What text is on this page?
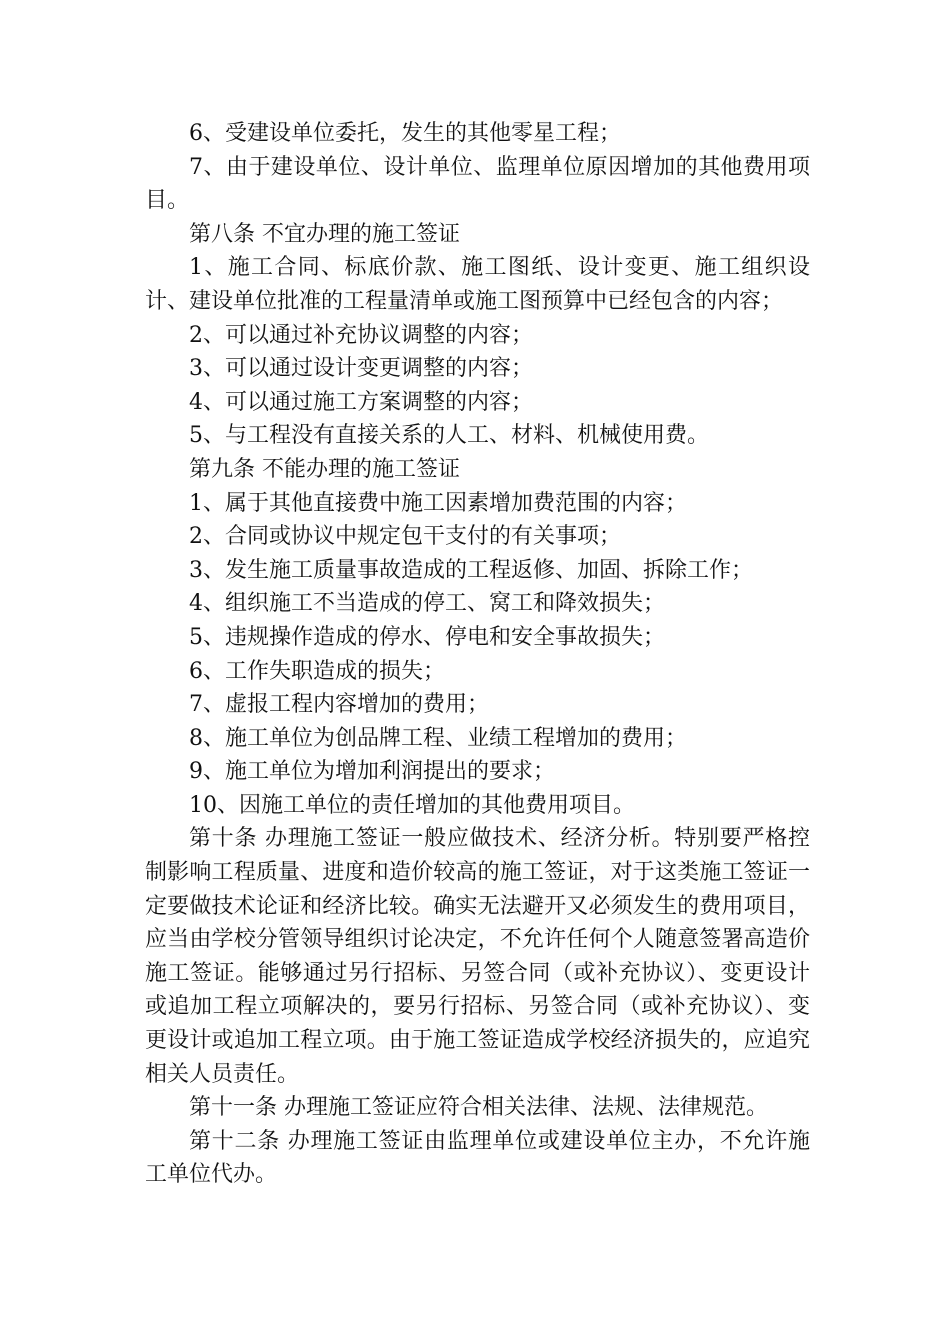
6、受建设单位委托，发生的其他零星工程；

7、由于建设单位、设计单位、监理单位原因增加的其他费用项目。

第八条 不宜办理的施工签证

1、施工合同、标底价款、施工图纸、设计变更、施工组织设计、建设单位批准的工程量清单或施工图预算中已经包含的内容；

2、可以通过补充协议调整的内容；

3、可以通过设计变更调整的内容；

4、可以通过施工方案调整的内容；

5、与工程没有直接关系的人工、材料、机械使用费。

第九条 不能办理的施工签证

1、属于其他直接费中施工因素增加费范围的内容；

2、合同或协议中规定包干支付的有关事项；

3、发生施工质量事故造成的工程返修、加固、拆除工作；

4、组织施工不当造成的停工、窝工和降效损失；

5、违规操作造成的停水、停电和安全事故损失；

6、工作失职造成的损失；

7、虚报工程内容增加的费用；

8、施工单位为创品牌工程、业绩工程增加的费用；

9、施工单位为增加利润提出的要求；

10、因施工单位的责任增加的其他费用项目。

第十条 办理施工签证一般应做技术、经济分析。特别要严格控制影响工程质量、进度和造价较高的施工签证，对于这类施工签证一定要做技术论证和经济比较。确实无法避开又必须发生的费用项目，应当由学校分管领导组织讨论决定，不允许任何个人随意签署高造价施工签证。能够通过另行招标、另签合同（或补充协议）、变更设计或追加工程立项解决的，要另行招标、另签合同（或补充协议）、变更设计或追加工程立项。由于施工签证造成学校经济损失的，应追究相关人员责任。

第十一条 办理施工签证应符合相关法律、法规、法律规范。

第十二条 办理施工签证由监理单位或建设单位主办，不允许施工单位代办。
